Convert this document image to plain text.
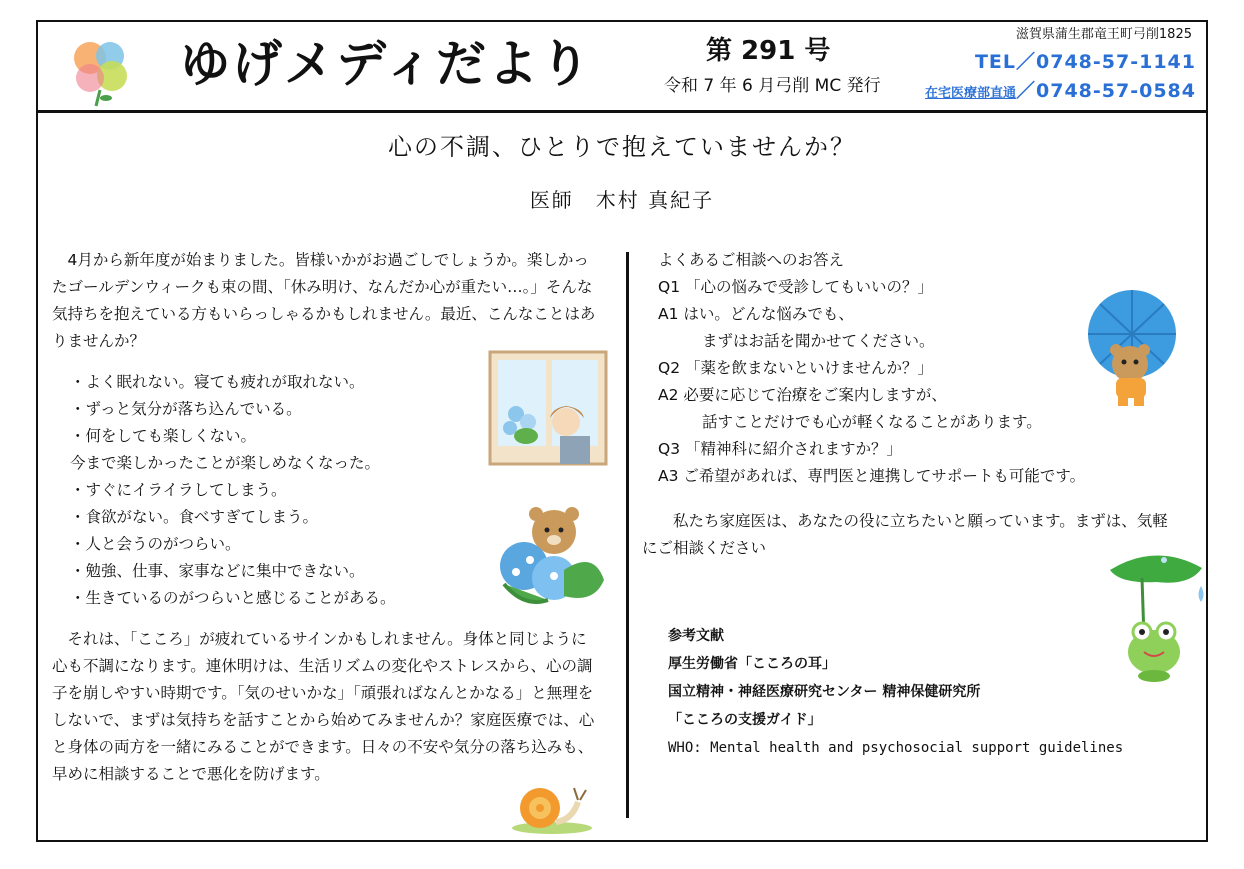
ゆげメディだより	第 291 号
令和 7 年 6 月弓削 MC 発行
滋賀県蒲生郡竜王町弓削1825
TEL／0748-57-1141
在宅医療部直通／0748-57-0584
心の不調、ひとりで抱えていませんか？
医師　木村 真紀子

4月から新年度が始まりました。皆様いかがお過ごしでしょうか。楽しかったゴールデンウィークも束の間、「休み明け、なんだか心が重たい…。」そんな気持ちを抱えている方もいらっしゃるかもしれません。最近、こんなことはありませんか？

・よく眠れない。寝ても疲れが取れない。
・ずっと気分が落ち込んでいる。
・何をしても楽しくない。
今まで楽しかったことが楽しめなくなった。
・すぐにイライラしてしまう。
・食欲がない。食べすぎてしまう。
・人と会うのがつらい。
・勉強、仕事、家事などに集中できない。
・生きているのがつらいと感じることがある。

それは、「こころ」が疲れているサインかもしれません。身体と同じように心も不調になります。連休明けは、生活リズムの変化やストレスから、心の調子を崩しやすい時期です。「気のせいかな」「頑張ればなんとかなる」と無理をしないで、まずは気持ちを話すことから始めてみませんか？家庭医療では、心と身体の両方を一緒にみることができます。日々の不安や気分の落ち込みも、早めに相談することで悪化を防げます。

よくあるご相談へのお答え
Q1 「心の悩みで受診してもいいの？」
A1 はい。どんな悩みでも、
まずはお話を聞かせてください。
Q2 「薬を飲まないといけませんか？」
A2 必要に応じて治療をご案内しますが、
話すことだけでも心が軽くなることがあります。
Q3 「精神科に紹介されますか？」
A3 ご希望があれば、専門医と連携してサポートも可能です。
私たち家庭医は、あなたの役に立ちたいと願っています。まずは、気軽にご相談ください
参考文献
厚生労働省「こころの耳」
国立精神・神経医療研究センター 精神保健研究所
「こころの支援ガイド」
WHO: Mental health and psychosocial support guidelines
